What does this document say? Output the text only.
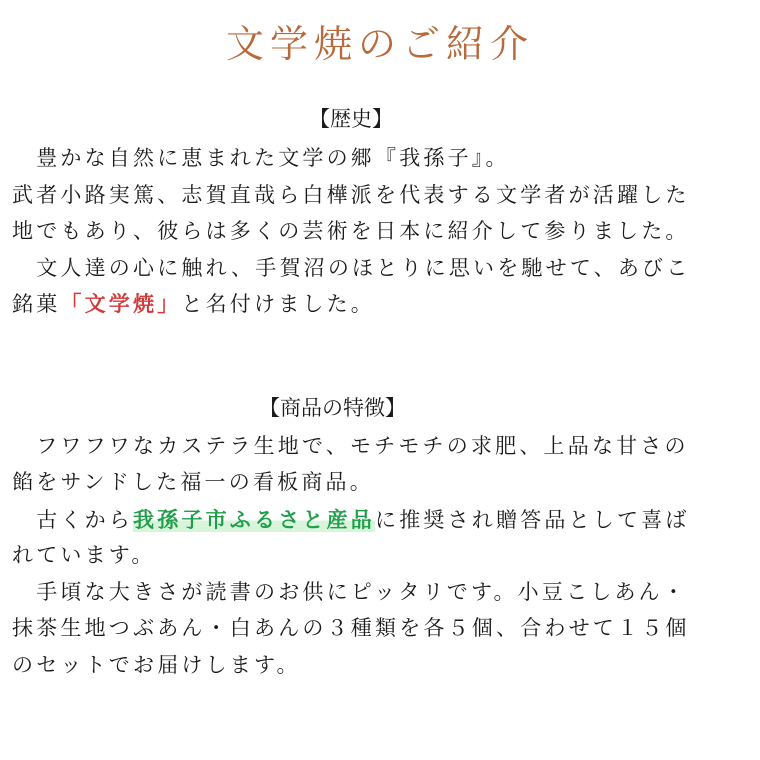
文学焼のご紹介
【歴史】
　豊かな自然に恵まれた文学の郷『我孫子』。
武者小路実篤、志賀直哉ら白樺派を代表する文学者が活躍した
地でもあり、彼らは多くの芸術を日本に紹介して参りました。
　文人達の心に触れ、手賀沼のほとりに思いを馳せて、あびこ
銘菓「文学焼」と名付けました。
【商品の特徴】
　フワフワなカステラ生地で、モチモチの求肥、上品な甘さの
餡をサンドした福一の看板商品。
　古くから我孫子市ふるさと産品に推奨され贈答品として喜ば
れています。
　手頃な大きさが読書のお供にピッタリです。小豆こしあん・
抹茶生地つぶあん・白あんの３種類を各５個、合わせて１５個
のセットでお届けします。
